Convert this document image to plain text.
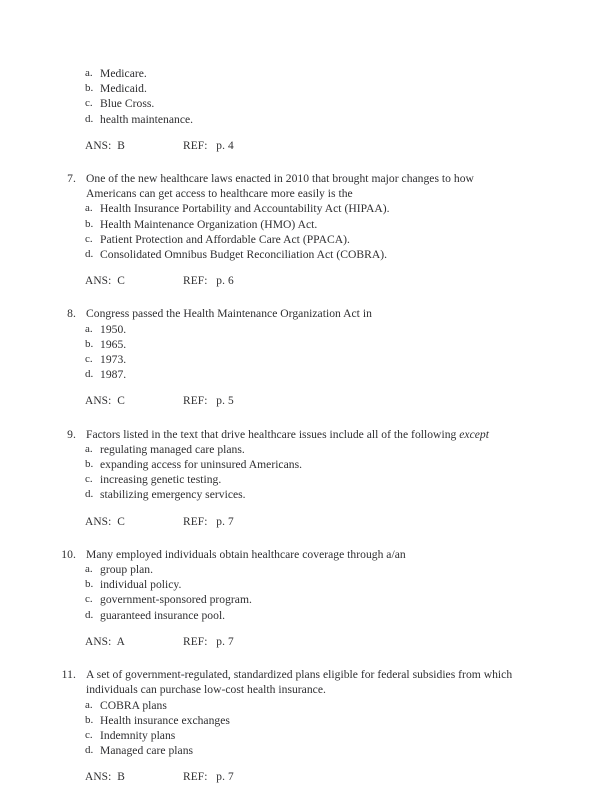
a. Medicare.
b. Medicaid.
c. Blue Cross.
d. health maintenance.
ANS:  B	REF:   p. 4
7. One of the new healthcare laws enacted in 2010 that brought major changes to how Americans can get access to healthcare more easily is the
a. Health Insurance Portability and Accountability Act (HIPAA).
b. Health Maintenance Organization (HMO) Act.
c. Patient Protection and Affordable Care Act (PPACA).
d. Consolidated Omnibus Budget Reconciliation Act (COBRA).
ANS:  C	REF:   p. 6
8. Congress passed the Health Maintenance Organization Act in
a. 1950.
b. 1965.
c. 1973.
d. 1987.
ANS:  C	REF:   p. 5
9. Factors listed in the text that drive healthcare issues include all of the following except
a. regulating managed care plans.
b. expanding access for uninsured Americans.
c. increasing genetic testing.
d. stabilizing emergency services.
ANS:  C	REF:   p. 7
10. Many employed individuals obtain healthcare coverage through a/an
a. group plan.
b. individual policy.
c. government-sponsored program.
d. guaranteed insurance pool.
ANS:  A	REF:   p. 7
11. A set of government-regulated, standardized plans eligible for federal subsidies from which individuals can purchase low-cost health insurance.
a. COBRA plans
b. Health insurance exchanges
c. Indemnity plans
d. Managed care plans
ANS:  B	REF:   p. 7
